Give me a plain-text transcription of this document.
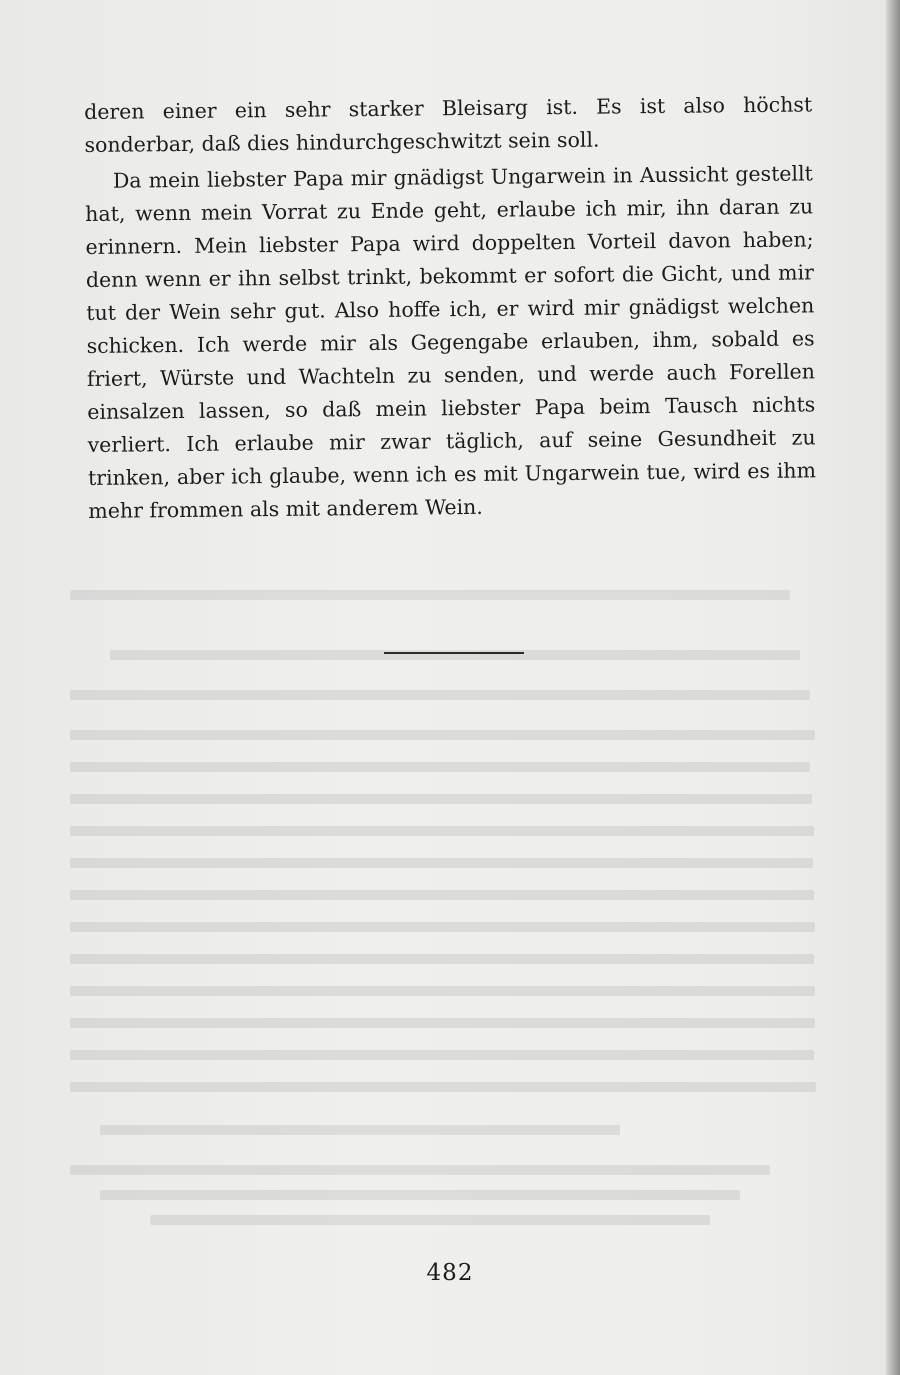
deren einer ein sehr starker Bleisarg ist. Es ist also höchst sonderbar, daß dies hindurchgeschwitzt sein soll.

Da mein liebster Papa mir gnädigst Ungarwein in Aussicht gestellt hat, wenn mein Vorrat zu Ende geht, erlaube ich mir, ihn daran zu erinnern. Mein liebster Papa wird doppelten Vorteil davon haben; denn wenn er ihn selbst trinkt, bekommt er sofort die Gicht, und mir tut der Wein sehr gut. Also hoffe ich, er wird mir gnädigst welchen schicken. Ich werde mir als Gegengabe erlauben, ihm, sobald es friert, Würste und Wachteln zu senden, und werde auch Forellen einsalzen lassen, so daß mein liebster Papa beim Tausch nichts verliert. Ich erlaube mir zwar täglich, auf seine Gesundheit zu trinken, aber ich glaube, wenn ich es mit Ungarwein tue, wird es ihm mehr frommen als mit anderem Wein.

482
